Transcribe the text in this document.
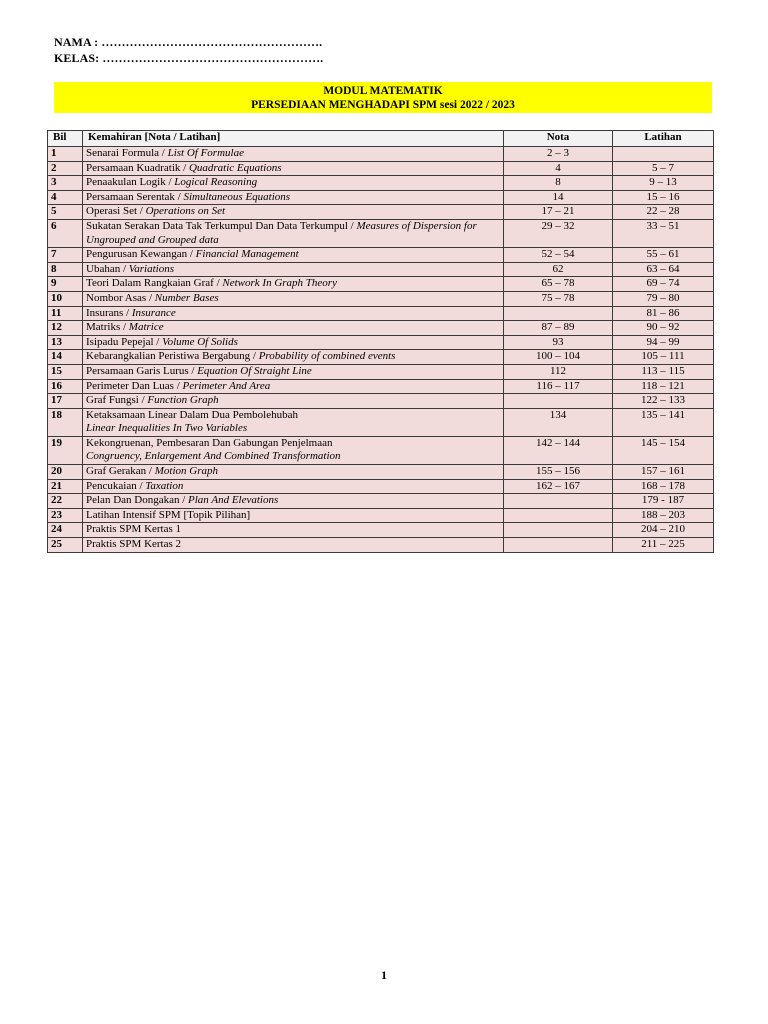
NAMA : ……………………………………………….
KELAS: ……………………………………………….
MODUL MATEMATIK
PERSEDIAAN MENGHADAPI SPM sesi 2022 / 2023
Bil	Kemahiran [Nota / Latihan]	Nota	Latihan
1	Senarai Formula / List Of Formulae	2 – 3	
2	Persamaan Kuadratik / Quadratic Equations	4	5 – 7
3	Penaakulan Logik / Logical Reasoning	8	9 – 13
4	Persamaan Serentak / Simultaneous Equations	14	15 – 16
5	Operasi Set / Operations on Set	17 – 21	22 – 28
6	Sukatan Serakan Data Tak Terkumpul Dan Data Terkumpul / Measures of Dispersion for Ungrouped and Grouped data	29 – 32	33 – 51
7	Pengurusan Kewangan / Financial Management	52 – 54	55 – 61
8	Ubahan / Variations	62	63 – 64
9	Teori Dalam Rangkaian Graf / Network In Graph Theory	65 – 78	69 – 74
10	Nombor Asas / Number Bases	75 – 78	79 – 80
11	Insurans / Insurance		81 – 86
12	Matriks / Matrice	87 – 89	90 – 92
13	Isipadu Pepejal / Volume Of Solids	93	94 – 99
14	Kebarangkalian Peristiwa Bergabung / Probability of combined events	100 – 104	105 – 111
15	Persamaan Garis Lurus / Equation Of Straight Line	112	113 – 115
16	Perimeter Dan Luas / Perimeter And Area	116 – 117	118 – 121
17	Graf Fungsi / Function Graph		122 – 133
18	Ketaksamaan Linear Dalam Dua Pembolehubah
Linear Inequalities In Two Variables	134	135 – 141
19	Kekongruenan, Pembesaran Dan Gabungan Penjelmaan
Congruency, Enlargement And Combined Transformation	142 – 144	145 – 154
20	Graf Gerakan / Motion Graph	155 – 156	157 – 161
21	Pencukaian / Taxation	162 – 167	168 – 178
22	Pelan Dan Dongakan / Plan And Elevations		179 - 187
23	Latihan Intensif SPM [Topik Pilihan]		188 – 203
24	Praktis SPM Kertas 1		204 – 210
25	Praktis SPM Kertas 2		211 – 225
1
